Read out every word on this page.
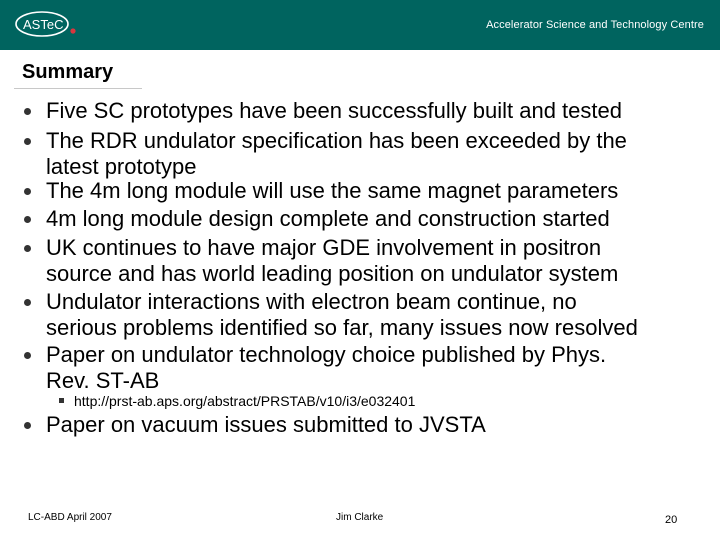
ASTeC	Accelerator Science and Technology Centre
Summary
Five SC prototypes have been successfully built and tested
The RDR undulator specification has been exceeded by the
latest prototype
The 4m long module will use the same magnet parameters
4m long module design complete and construction started
UK continues to have major GDE involvement in positron
source and has world leading position on undulator system
Undulator interactions with electron beam continue, no
serious problems identified so far, many issues now resolved
Paper on undulator technology choice published by Phys.
Rev. ST-AB
http://prst-ab.aps.org/abstract/PRSTAB/v10/i3/e032401
Paper on vacuum issues submitted to JVSTA
LC-ABD April 2007	Jim Clarke	20
